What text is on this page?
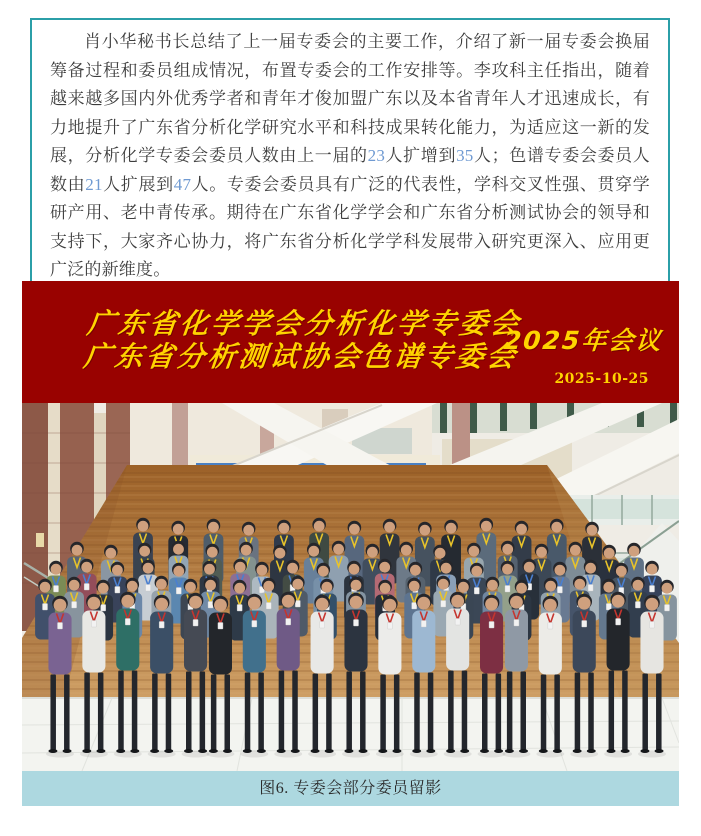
肖小华秘书长总结了上一届专委会的主要工作，介绍了新一届专委会换届筹备过程和委员组成情况，布置专委会的工作安排等。李攻科主任指出，随着越来越多国内外优秀学者和青年才俊加盟广东以及本省青年人才迅速成长，有力地提升了广东省分析化学研究水平和科技成果转化能力，为适应这一新的发展，分析化学专委会委员人数由上一届的23人扩增到35人；色谱专委会委员人数由21人扩展到47人。专委会委员具有广泛的代表性，学科交叉性强、贯穿学研产用、老中青传承。期待在广东省化学学会和广东省分析测试协会的领导和支持下，大家齐心协力，将广东省分析化学学科发展带入研究更深入、应用更广泛的新维度。

广东省化学学会分析化学专委会
广东省分析测试协会色谱专委会
2025年会议
2025-10-25
图6. 专委会部分委员留影
